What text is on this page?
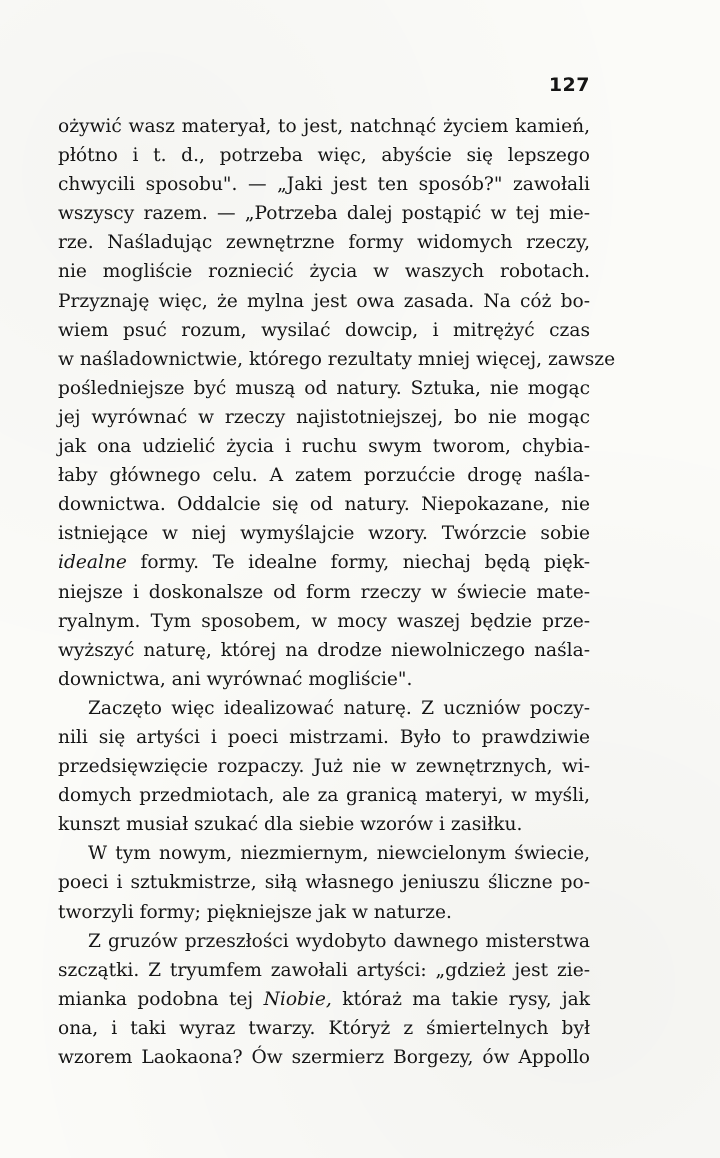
127
ożywić wasz materyał, to jest, natchnąć życiem kamień,
płótno i t. d., potrzeba więc, abyście się lepszego
chwycili sposobu". — „Jaki jest ten sposób?" zawołali
wszyscy razem. — „Potrzeba dalej postąpić w tej mie-
rze. Naśladując zewnętrzne formy widomych rzeczy,
nie mogliście rozniecić życia w waszych robotach.
Przyznaję więc, że mylna jest owa zasada. Na cóż bo-
wiem psuć rozum, wysilać dowcip, i mitrężyć czas
w naśladownictwie, którego rezultaty mniej więcej, zawsze
pośledniejsze być muszą od natury. Sztuka, nie mogąc
jej wyrównać w rzeczy najistotniejszej, bo nie mogąc
jak ona udzielić życia i ruchu swym tworom, chybia-
łaby głównego celu. A zatem porzućcie drogę naśla-
downictwa. Oddalcie się od natury. Niepokazane, nie
istniejące w niej wymyślajcie wzory. Twórzcie sobie
idealne formy. Te idealne formy, niechaj będą pięk-
niejsze i doskonalsze od form rzeczy w świecie mate-
ryalnym. Tym sposobem, w mocy waszej będzie prze-
wyższyć naturę, której na drodze niewolniczego naśla-
downictwa, ani wyrównać mogliście".
Zaczęto więc idealizować naturę. Z uczniów poczy-
nili się artyści i poeci mistrzami. Było to prawdziwie
przedsięwzięcie rozpaczy. Już nie w zewnętrznych, wi-
domych przedmiotach, ale za granicą materyi, w myśli,
kunszt musiał szukać dla siebie wzorów i zasiłku.
W tym nowym, niezmiernym, niewcielonym świecie,
poeci i sztukmistrze, siłą własnego jeniuszu śliczne po-
tworzyli formy; piękniejsze jak w naturze.
Z gruzów przeszłości wydobyto dawnego misterstwa
szczątki. Z tryumfem zawołali artyści: „gdzież jest zie-
mianka podobna tej Niobie, któraż ma takie rysy, jak
ona, i taki wyraz twarzy. Któryż z śmiertelnych był
wzorem Laokaona? Ów szermierz Borgezy, ów Appollo
